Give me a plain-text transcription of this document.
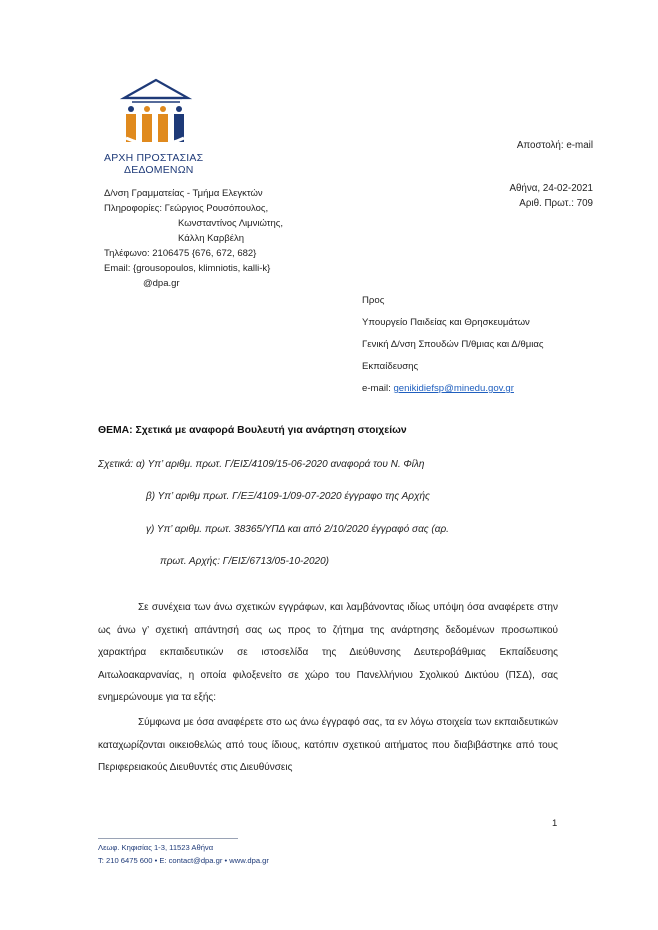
ΑΡΧΗ ΠΡΟΣΤΑΣΙΑΣ
ΔΕΔΟΜΕΝΩΝ
Δ/νση Γραμματείας - Τμήμα Ελεγκτών
Πληροφορίες: Γεώργιος Ρουσόπουλος,
Κωνσταντίνος Λιμνιώτης,
Κάλλη Καρβέλη
Τηλέφωνο: 2106475 {676, 672, 682}
Email: {grousopoulos, klimniotis, kalli-k}
@dpa.gr
Αποστολή: e-mail
Αθήνα, 24-02-2021
Αριθ. Πρωτ.: 709
Προς
Υπουργείο Παιδείας και Θρησκευμάτων
Γενική Δ/νση Σπουδών Π/θμιας και Δ/θμιας
Εκπαίδευσης
e-mail: genikidiefsp@minedu.gov.gr
ΘΕΜΑ: Σχετικά με αναφορά Βουλευτή για ανάρτηση στοιχείων
Σχετικά: α) Υπ’ αριθμ. πρωτ. Γ/ΕΙΣ/4109/15-06-2020 αναφορά του Ν. Φίλη
β) Υπ’ αριθμ πρωτ. Γ/ΕΞ/4109-1/09-07-2020 έγγραφο της Αρχής
γ) Υπ’ αριθμ. πρωτ. 38365/ΥΠΔ και από 2/10/2020 έγγραφό σας (αρ.
πρωτ. Αρχής: Γ/ΕΙΣ/6713/05-10-2020)

Σε συνέχεια των άνω σχετικών εγγράφων, και λαμβάνοντας ιδίως υπόψη όσα αναφέρετε στην ως άνω γ’ σχετική απάντησή σας ως προς το ζήτημα της ανάρτησης δεδομένων προσωπικού χαρακτήρα εκπαιδευτικών σε ιστοσελίδα της Διεύθυνσης Δευτεροβάθμιας Εκπαίδευσης Αιτωλοακαρνανίας, η οποία φιλοξενείτο σε χώρο του Πανελλήνιου Σχολικού Δικτύου (ΠΣΔ), σας ενημερώνουμε για τα εξής:

Σύμφωνα με όσα αναφέρετε στο ως άνω έγγραφό σας, τα εν λόγω στοιχεία των εκπαιδευτικών καταχωρίζονται οικειοθελώς από τους ίδιους, κατόπιν σχετικού αιτήματος που διαβιβάστηκε από τους Περιφερειακούς Διευθυντές στις Διευθύνσεις

1
Λεωφ. Κηφισίας 1-3, 11523 Αθήνα
Τ: 210 6475 600 • E: contact@dpa.gr • www.dpa.gr
